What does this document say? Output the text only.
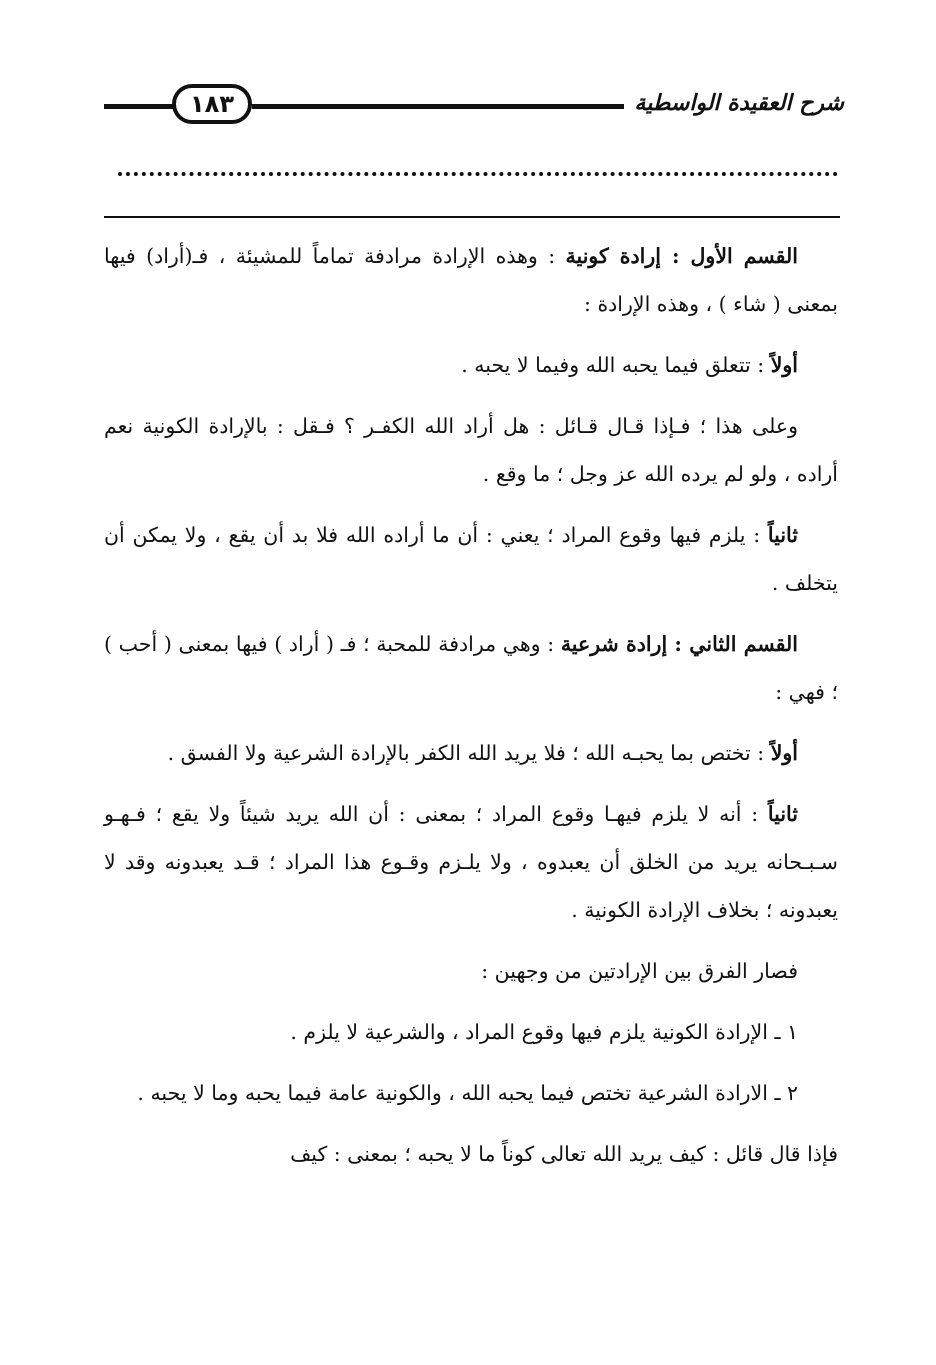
١٨٣	شرح العقيدة الواسطية

القسم الأول : إرادة كونية : وهذه الإرادة مرادفة تماماً للمشيئة ، فـ(أراد) فيها بمعنى ( شاء ) ، وهذه الإرادة :

أولاً : تتعلق فيما يحبه الله وفيما لا يحبه .

وعلى هذا ؛ فـإذا قـال قـائل : هل أراد الله الكفـر ؟ فـقل : بالإرادة الكونية نعم أراده ، ولو لم يرده الله عز وجل ؛ ما وقع .

ثانياً : يلزم فيها وقوع المراد ؛ يعني : أن ما أراده الله فلا بد أن يقع ، ولا يمكن أن يتخلف .

القسم الثاني : إرادة شرعية : وهي مرادفة للمحبة ؛ فـ ( أراد ) فيها بمعنى ( أحب ) ؛ فهي :

أولاً : تختص بما يحبـه الله ؛ فلا يريد الله الكفر بالإرادة الشرعية ولا الفسق .

ثانياً : أنه لا يلزم فيهـا وقوع المراد ؛ بمعنى : أن الله يريد شيئاً ولا يقع ؛ فـهـو سـبـحانه يريد من الخلق أن يعبدوه ، ولا يلـزم وقـوع هذا المراد ؛ قـد يعبدونه وقد لا يعبدونه ؛ بخلاف الإرادة الكونية .

فصار الفرق بين الإرادتين من وجهين :

١ ـ الإرادة الكونية يلزم فيها وقوع المراد ، والشرعية لا يلزم .

٢ ـ الارادة الشرعية تختص فيما يحبه الله ، والكونية عامة فيما يحبه وما لا يحبه .

فإذا قال قائل : كيف يريد الله تعالى كوناً ما لا يحبه ؛ بمعنى : كيف
